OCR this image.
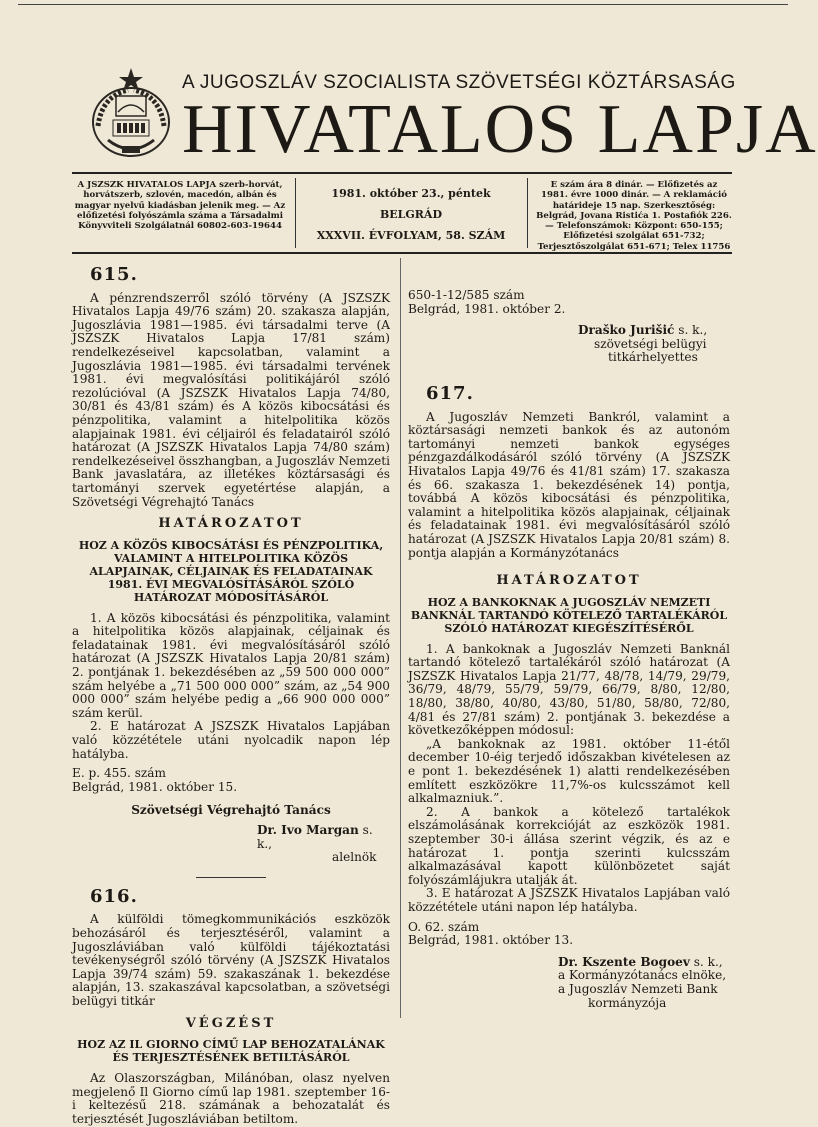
A JUGOSZLÁV SZOCIALISTA SZÖVETSÉGI KÖZTÁRSASÁG
HIVATALOS LAPJA
A JSZSZK HIVATALOS LAPJA szerb-horvát, horvátszerb, szlovén, macedón, albán és magyar nyelvű kiadásban jelenik meg. — Az előfizetési folyószámla száma a Társadalmi Könyvviteli Szolgálatnál 60802-603-19644
1981. október 23., péntek
BELGRÁD
XXXVII. ÉVFOLYAM, 58. SZÁM
E szám ára 8 dinár. — Előfizetés az 1981. évre 1000 dinár. — A reklamáció határideje 15 nap. Szerkesztőség: Belgrád, Jovana Ristića 1. Postafiók 226. — Telefonszámok: Központ: 650-155; Előfizetési szolgálat 651-732; Terjesztőszolgálat 651-671; Telex 11756
615.

A pénzrendszerről szóló törvény (A JSZSZK Hivatalos Lapja 49/76 szám) 20. szakasza alapján, Jugoszlávia 1981—1985. évi társadalmi terve (A JSZSZK Hivatalos Lapja 17/81 szám) rendelkezéseivel kapcsolatban, valamint a Jugoszlávia 1981—1985. évi társadalmi tervének 1981. évi megvalósítási politikájáról szóló rezolúcióval (A JSZSZK Hivatalos Lapja 74/80, 30/81 és 43/81 szám) és A közös kibocsátási és pénzpolitika, valamint a hitelpolitika közös alapjainak 1981. évi céljairól és feladatairól szóló határozat (A JSZSZK Hivatalos Lapja 74/80 szám) rendelkezéseivel összhangban, a Jugoszláv Nemzeti Bank javaslatára, az illetékes köztársasági és tartományi szervek egyetértése alapján, a Szövetségi Végrehajtó Tanács

HATÁROZATOT
HOZ A KÖZÖS KIBOCSÁTÁSI ÉS PÉNZPOLITIKA, VALAMINT A HITELPOLITIKA KÖZÖS ALAPJAINAK, CÉLJAINAK ÉS FELADATAINAK 1981. ÉVI MEGVALÓSÍTÁSÁRÓL SZÓLÓ HATÁROZAT MÓDOSÍTÁSÁRÓL

1. A közös kibocsátási és pénzpolitika, valamint a hitelpolitika közös alapjainak, céljainak és feladatainak 1981. évi megvalósításáról szóló határozat (A JSZSZK Hivatalos Lapja 20/81 szám) 2. pontjának 1. bekezdésében az „59 500 000 000” szám helyébe a „71 500 000 000” szám, az „54 900 000 000” szám helyébe pedig a „66 900 000 000” szám kerül.

2. E határozat A JSZSZK Hivatalos Lapjában való közzététele utáni nyolcadik napon lép hatályba.

E. p. 455. szám

Belgrád, 1981. október 15.

Szövetségi Végrehajtó Tanács
Dr. Ivo Margan s. k.,
alelnök
616.

A külföldi tömegkommunikációs eszközök behozásáról és terjesztéséről, valamint a Jugoszláviában való külföldi tájékoztatási tevékenységről szóló törvény (A JSZSZK Hivatalos Lapja 39/74 szám) 59. szakaszának 1. bekezdése alapján, 13. szakaszával kapcsolatban, a szövetségi belügyi titkár

VÉGZÉST
HOZ AZ IL GIORNO CÍMŰ LAP BEHOZATALÁNAK ÉS TERJESZTÉSÉNEK BETILTÁSÁRÓL

Az Olaszországban, Milánóban, olasz nyelven megjelenő Il Giorno című lap 1981. szeptember 16-i keltezésű 218. számának a behozatalát és terjesztését Jugoszláviában betiltom.

650-1-12/585 szám

Belgrád, 1981. október 2.

Draško Jurišić s. k.,
szövetségi belügyi
titkárhelyettes
617.

A Jugoszláv Nemzeti Bankról, valamint a köztársasági nemzeti bankok és az autonóm tartományi nemzeti bankok egységes pénzgazdálkodásáról szóló törvény (A JSZSZK Hivatalos Lapja 49/76 és 41/81 szám) 17. szakasza és 66. szakasza 1. bekezdésének 14) pontja, továbbá A közös kibocsátási és pénzpolitika, valamint a hitelpolitika közös alapjainak, céljainak és feladatainak 1981. évi megvalósításáról szóló határozat (A JSZSZK Hivatalos Lapja 20/81 szám) 8. pontja alapján a Kormányzótanács

HATÁROZATOT
HOZ A BANKOKNAK A JUGOSZLÁV NEMZETI BANKNÁL TARTANDÓ KÖTELEZŐ TARTALÉKÁRÓL SZÓLÓ HATÁROZAT KIEGÉSZÍTÉSÉRŐL

1. A bankoknak a Jugoszláv Nemzeti Banknál tartandó kötelező tartalékáról szóló határozat (A JSZSZK Hivatalos Lapja 21/77, 48/78, 14/79, 29/79, 36/79, 48/79, 55/79, 59/79, 66/79, 8/80, 12/80, 18/80, 38/80, 40/80, 43/80, 51/80, 58/80, 72/80, 4/81 és 27/81 szám) 2. pontjának 3. bekezdése a következőképpen módosul:

„A bankoknak az 1981. október 11-étől december 10-éig terjedő időszakban kivételesen az e pont 1. bekezdésének 1) alatti rendelkezésében említett eszközökre 11,7%-os kulcsszámot kell alkalmazniuk.”.

2. A bankok a kötelező tartalékok elszámolásának korrekcióját az eszközök 1981. szeptember 30-i állása szerint végzik, és az e határozat 1. pontja szerinti kulcsszám alkalmazásával kapott különbözetet saját folyószámlájukra utalják át.

3. E határozat A JSZSZK Hivatalos Lapjában való közzététele utáni napon lép hatályba.

O. 62. szám

Belgrád, 1981. október 13.

Dr. Kszente Bogoev s. k.,
a Kormányzótanács elnöke,
a Jugoszláv Nemzeti Bank
kormányzója
